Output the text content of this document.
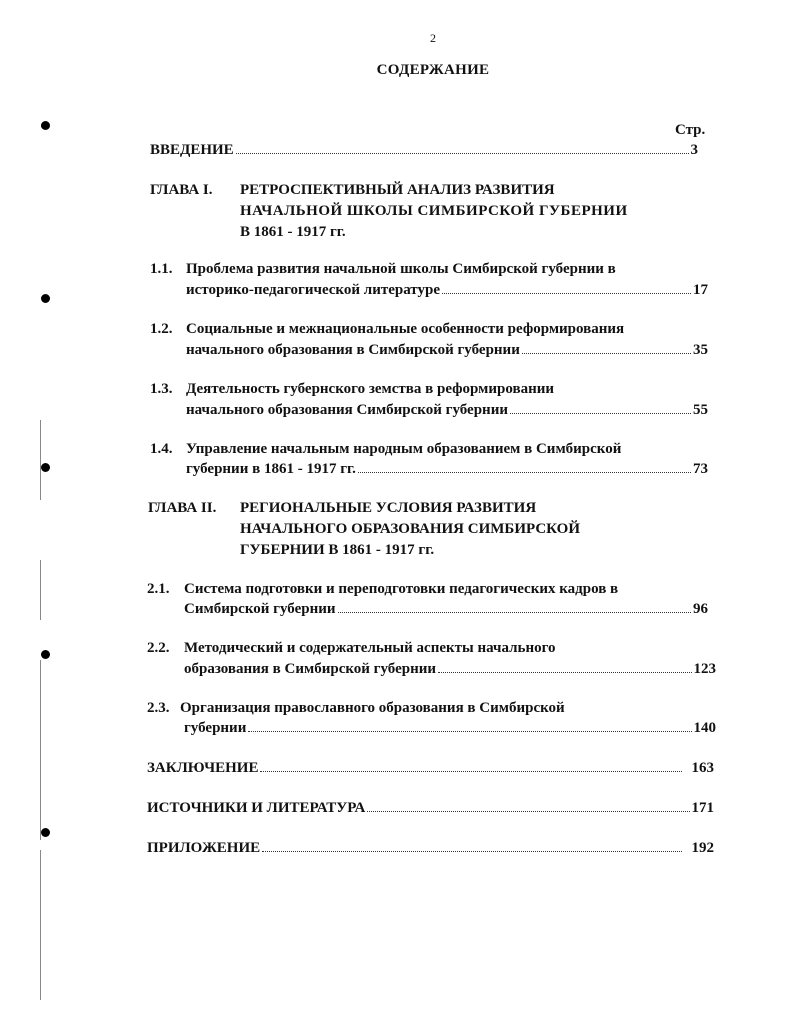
2
СОДЕРЖАНИЕ
Стр.
ВВЕДЕНИЕ	3
ГЛАВА I. РЕТРОСПЕКТИВНЫЙ АНАЛИЗ РАЗВИТИЯ
НАЧАЛЬНОЙ ШКОЛЫ СИМБИРСКОЙ ГУБЕРНИИ
В 1861 - 1917 гг.
1.1. Проблема развития начальной школы Симбирской губернии в
историко-педагогической литературе	17
1.2. Социальные и межнациональные особенности реформирования
начального образования в Симбирской губернии	35
1.3. Деятельность губернского земства в реформировании
начального образования Симбирской губернии	55
1.4. Управление начальным народным образованием в Симбирской
губернии в 1861 - 1917 гг.	73
ГЛАВА II. РЕГИОНАЛЬНЫЕ УСЛОВИЯ РАЗВИТИЯ
НАЧАЛЬНОГО ОБРАЗОВАНИЯ СИМБИРСКОЙ
ГУБЕРНИИ В 1861 - 1917 гг.
2.1. Система подготовки и переподготовки педагогических кадров в
Симбирской губернии	96
2.2. Методический и содержательный аспекты начального
образования в Симбирской губернии	123
2.3. Организация православного образования в Симбирской
губернии	140
ЗАКЛЮЧЕНИЕ	163
ИСТОЧНИКИ И ЛИТЕРАТУРА	171
ПРИЛОЖЕНИЕ	192
